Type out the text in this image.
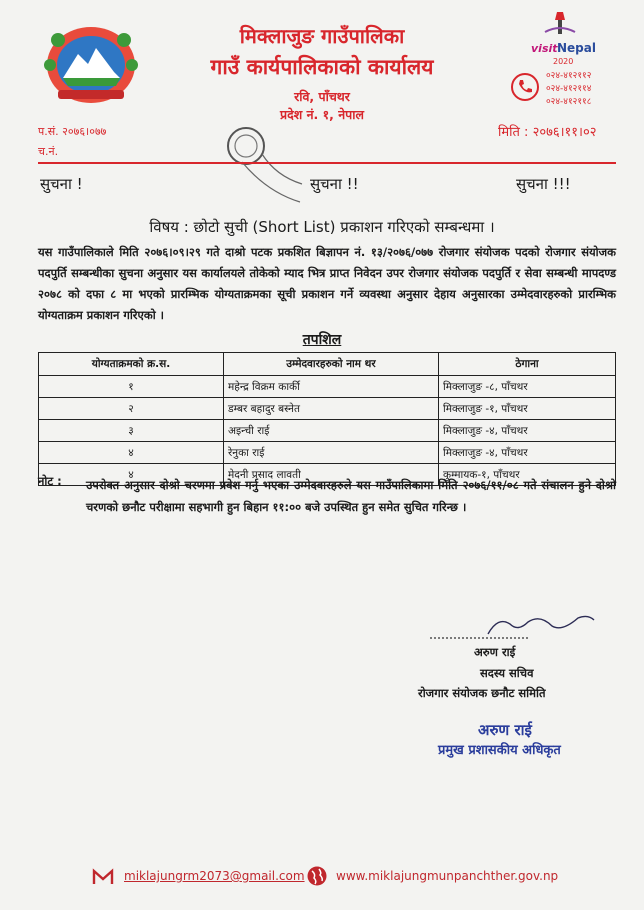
visit Nepal
2020
मिक्लाजुङ गाउँपालिका
गाउँ कार्यपालिकाको कार्यालय
रवि, पाँचथर
प्रदेश नं. १, नेपाल
०२४-४१२११२
०२४-४१२११४
०२४-४१२११८
प.सं. २०७६।०७७
च.नं.
मिति : २०७६।११।०२
सुचना !	सुचना !!	सुचना !!!
विषय : छोटो सुची (Short List) प्रकाशन गरिएको सम्बन्धमा ।
यस गाउँपालिकाले मिति २०७६।०९।२९ गते दाश्रो पटक प्रकशित बिज्ञापन नं. १३/२०७६/०७७ रोजगार संयोजक पदको रोजगार संयोजक पदपुर्ति सम्बन्धीका सुचना अनुसार यस कार्यालयले तोकेको म्याद भित्र प्राप्त निवेदन उपर रोजगार संयोजक पदपुर्ति र सेवा सम्बन्धी मापदण्ड २०७८ को दफा ८ मा भएको प्रारम्भिक योग्यताक्रमका सूची प्रकाशन गर्ने व्यवस्था अनुसार देहाय अनुसारका उम्मेदवारहरुको प्रारम्भिक योग्यताक्रम प्रकाशन गरिएको ।
तपशिल
योग्यताक्रमको क्र.स.	उम्मेदवारहरुको नाम थर	ठेगाना
१	महेन्द्र विक्रम कार्की	मिक्लाजुङ -८, पाँचथर
२	डम्बर बहादुर बस्नेत	मिक्लाजुङ -१, पाँचथर
३	अइन्ची राई	मिक्लाजुङ -४, पाँचथर
४	रेनुका राई	मिक्लाजुङ -४, पाँचथर
४	मेदनी प्रसाद लावती	कुम्मायक-१, पाँचथर
नोट : उपरोक्त अनुसार दोश्रो चरणमा प्रवेश गर्नु भएका उम्मेदवारहरुले यस गाउँपालिकामा मिति २०७६/११/०८ गते संचालन हुने दोश्रो चरणको छनौट परीक्षामा सहभागी हुन बिहान ११:०० बजे उपस्थित हुन समेत सुचित गरिन्छ ।
अरुण राई
सदस्य सचिव
रोजगार संयोजक छनौट समिति
अरुण राई
प्रमुख प्रशासकीय अधिकृत
miklajungrm2073@gmail.com	www.miklajungmunpanchther.gov.np
